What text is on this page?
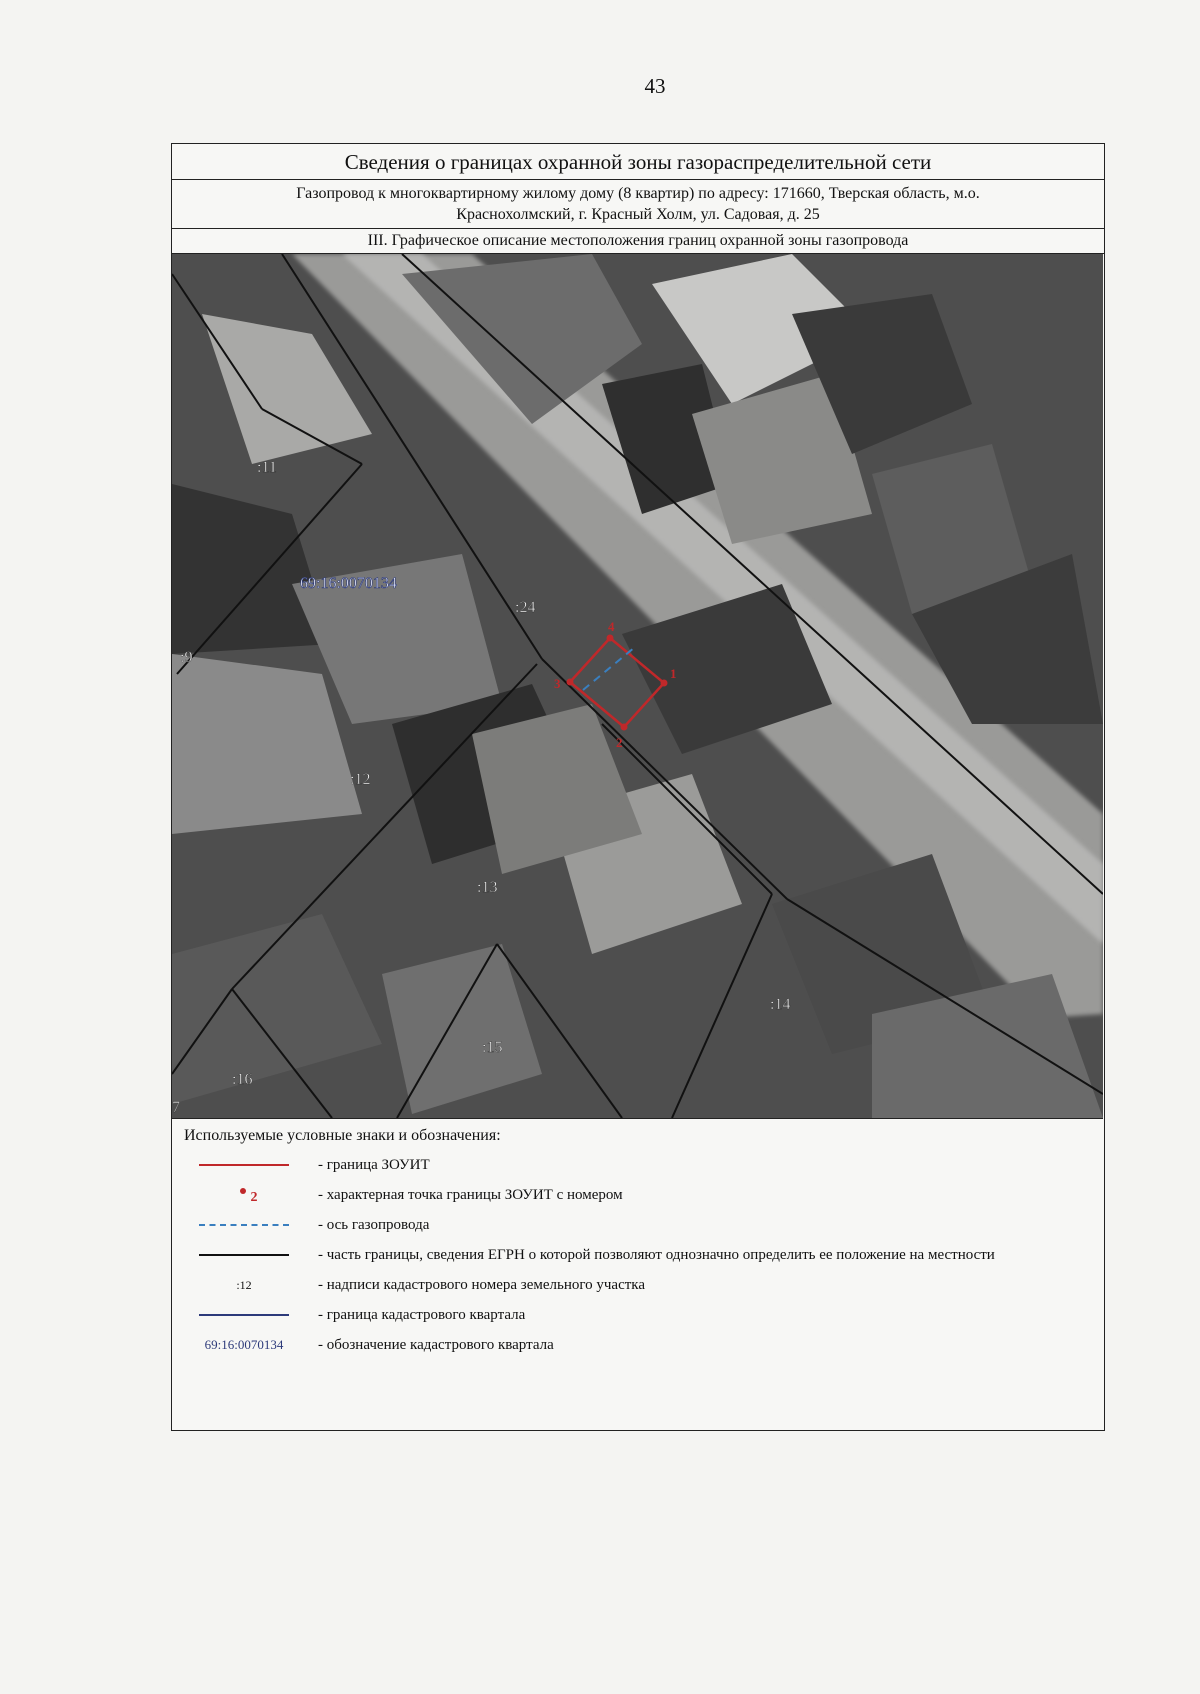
43
Сведения о границах охранной зоны газораспределительной сети
Газопровод к многоквартирному жилому дому (8 квартир) по адресу: 171660, Тверская область, м.о.
Краснохолмский, г. Красный Холм, ул. Садовая, д. 25
III. Графическое описание местоположения границ охранной зоны газопровода
1
2
3
4
69:16:0070134
:11
:24
:9
:12
:13
:14
:15
:16
7
Используемые условные знаки и обозначения:
- граница ЗОУИТ
2	- характерная точка границы ЗОУИТ с номером
- ось газопровода
- часть границы, сведения ЕГРН о которой позволяют однозначно определить ее положение на местности
:12	- надписи кадастрового номера земельного участка
- граница кадастрового квартала
69:16:0070134	- обозначение кадастрового квартала
